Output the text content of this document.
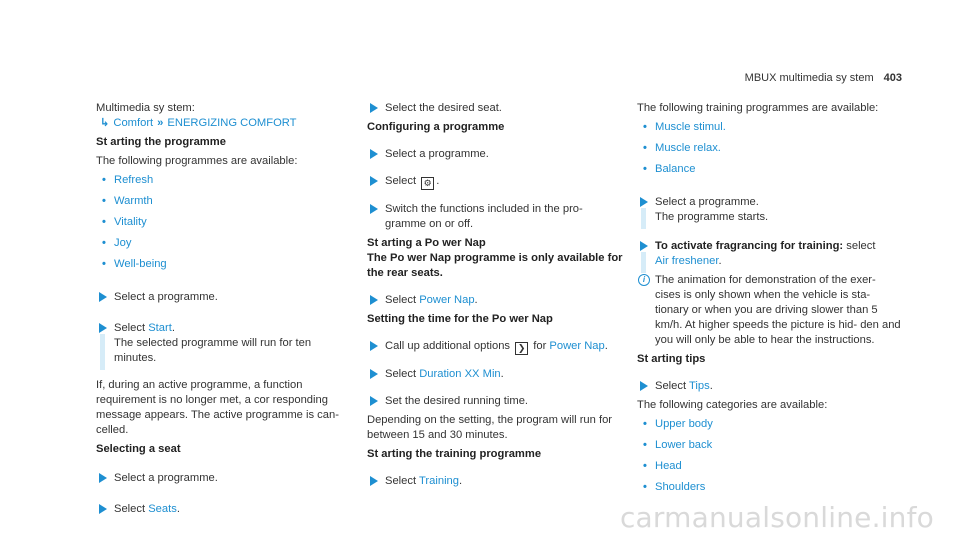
MBUX multimedia sy stem 403

Multimedia sy stem:

↳ Comfort » ENERGIZING COMFORT

St arting the programme

The following programmes are available:

• Refresh

• Warmth

• Vitality

• Joy

• Well-being

Select a programme.

Select Start.
The selected programme will run for ten minutes.

If, during an active programme, a function requirement is no longer met, a cor responding message appears. The active programme is can‐ celled.

Selecting a seat

Select a programme.

Select Seats.

Select the desired seat.

Configuring a programme

Select a programme.

Select ⚙ .

Switch the functions included in the pro‐ gramme on or off.

St arting a Po wer Nap

The Po wer Nap programme is only available for the rear seats.

Select Power Nap.

Setting the time for the Po wer Nap

Call up additional options ❯ for Power Nap.

Select Duration XX Min.

Set the desired running time.

Depending on the setting, the program will run for between 15 and 30 minutes.

St arting the training programme

Select Training.

The following training programmes are available:

• Muscle stimul.

• Muscle relax.

• Balance

Select a programme.
The programme starts.

To activate fragrancing for training: select
Air freshener.

i The animation for demonstration of the exer‐ cises is only shown when the vehicle is sta‐ tionary or when you are driving slower than 5 km/h. At higher speeds the picture is hid‐ den and you will only be able to hear the instructions.

St arting tips

Select Tips.

The following categories are available:

• Upper body

• Lower back

• Head

• Shoulders

carmanualsonline.info
